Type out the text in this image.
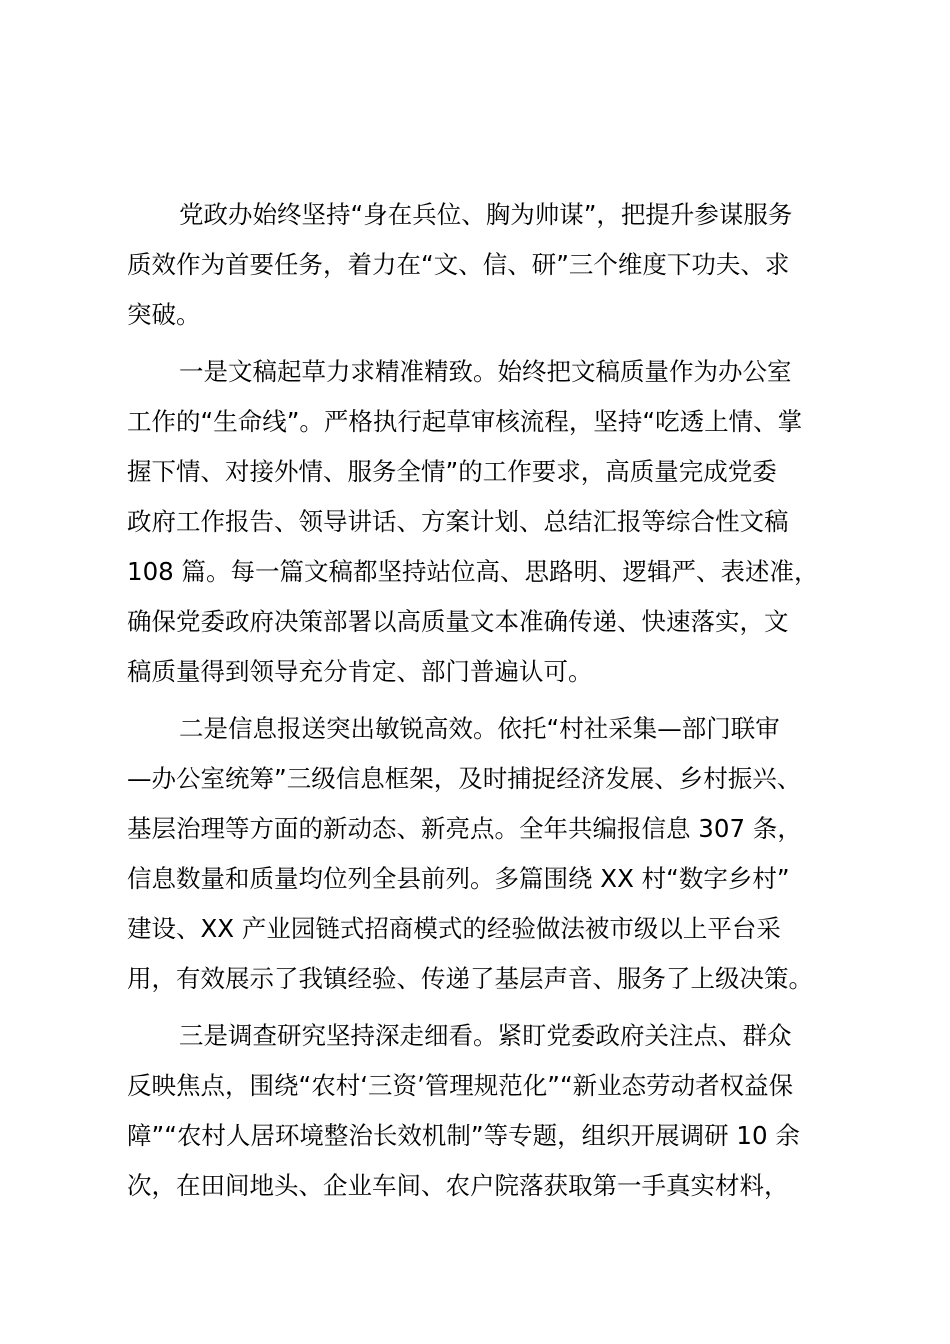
党政办始终坚持“身在兵位、胸为帅谋”，把提升参谋服务
质效作为首要任务，着力在“文、信、研”三个维度下功夫、求
突破。
一是文稿起草力求精准精致。始终把文稿质量作为办公室
工作的“生命线”。严格执行起草审核流程，坚持“吃透上情、掌
握下情、对接外情、服务全情”的工作要求，高质量完成党委
政府工作报告、领导讲话、方案计划、总结汇报等综合性文稿
108 篇。每一篇文稿都坚持站位高、思路明、逻辑严、表述准，
确保党委政府决策部署以高质量文本准确传递、快速落实，文
稿质量得到领导充分肯定、部门普遍认可。
二是信息报送突出敏锐高效。依托“村社采集—部门联审
—办公室统筹”三级信息框架，及时捕捉经济发展、乡村振兴、
基层治理等方面的新动态、新亮点。全年共编报信息 307 条，
信息数量和质量均位列全县前列。多篇围绕 XX 村“数字乡村”
建设、XX 产业园链式招商模式的经验做法被市级以上平台采
用，有效展示了我镇经验、传递了基层声音、服务了上级决策。
三是调查研究坚持深走细看。紧盯党委政府关注点、群众
反映焦点，围绕“农村‘三资’管理规范化”“新业态劳动者权益保
障”“农村人居环境整治长效机制”等专题，组织开展调研 10 余
次，在田间地头、企业车间、农户院落获取第一手真实材料，
